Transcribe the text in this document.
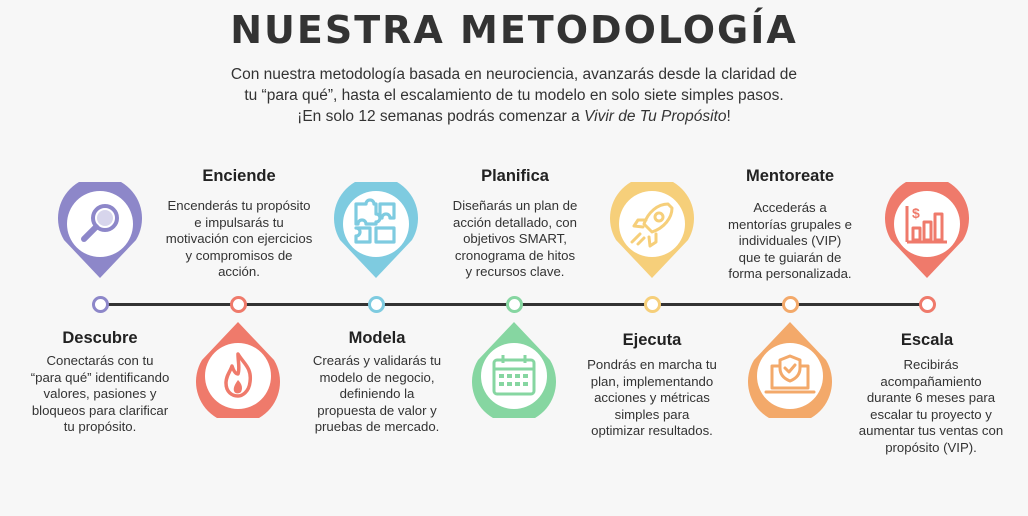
NUESTRA METODOLOGÍA
Con nuestra metodología basada en neurociencia, avanzarás desde la claridad de
tu “para qué”, hasta el escalamiento de tu modelo en solo siete simples pasos.
¡En solo 12 semanas podrás comenzar a Vivir de Tu Propósito!
Descubre
Conectarás con tu
“para qué” identificando
valores, pasiones y
bloqueos para clarificar
tu propósito.
Enciende
Encenderás tu propósito
e impulsarás tu
motivación con ejercicios
y compromisos de
acción.
Modela
Crearás y validarás tu
modelo de negocio,
definiendo la
propuesta de valor y
pruebas de mercado.
Planifica
Diseñarás un plan de
acción detallado, con
objetivos SMART,
cronograma de hitos
y recursos clave.
Ejecuta
Pondrás en marcha tu
plan, implementando
acciones y métricas
simples para
optimizar resultados.
Mentoreate
Accederás a
mentorías grupales e
individuales (VIP)
que te guiarán de
forma personalizada.
$
Escala
Recibirás
acompañamiento
durante 6 meses para
escalar tu proyecto y
aumentar tus ventas con
propósito (VIP).
